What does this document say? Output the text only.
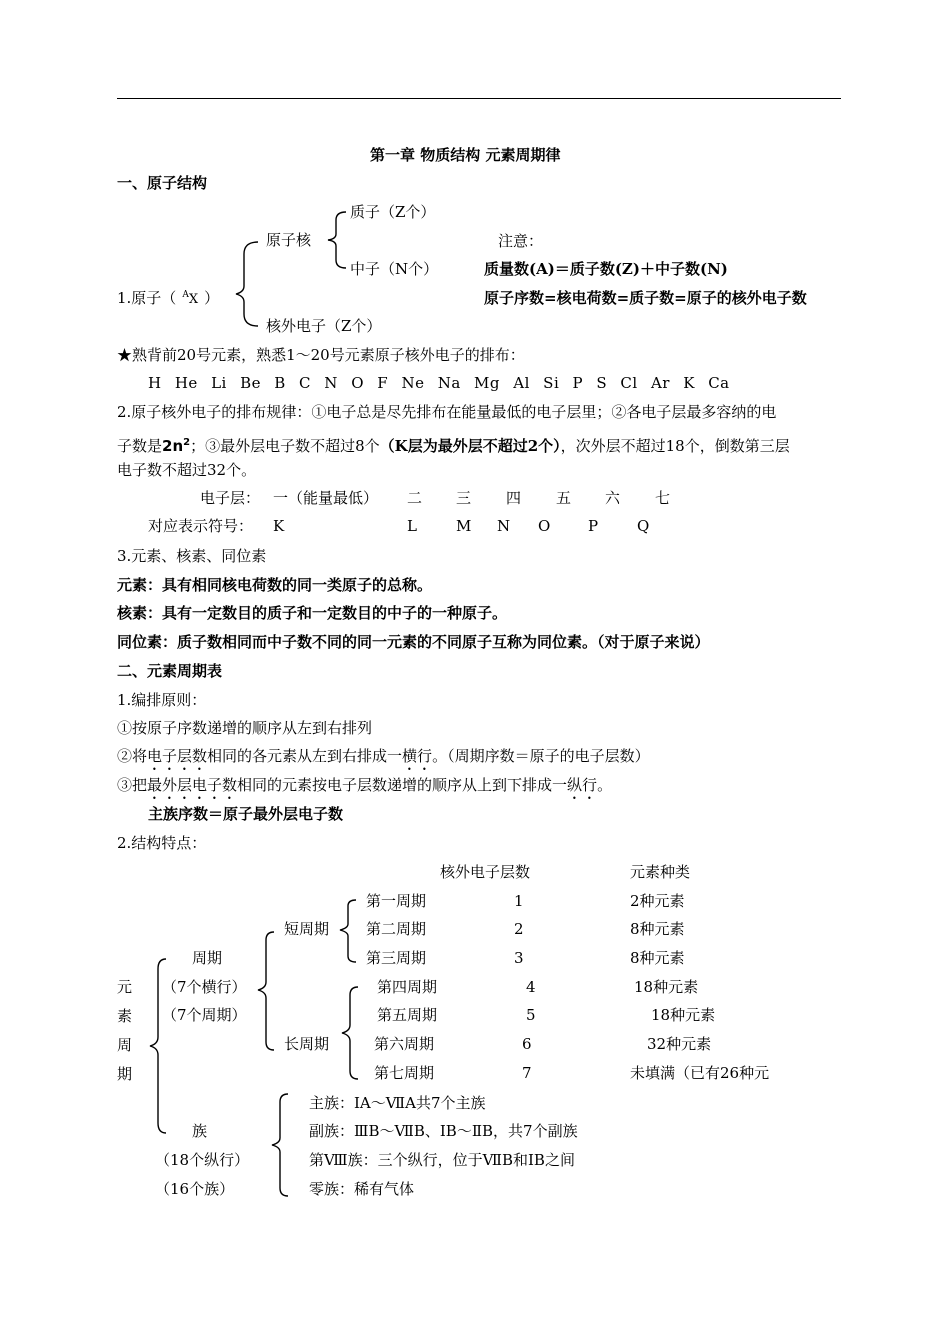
第一章 物质结构 元素周期律
一、原子结构
1.原子（ $^A$X ）
原子核
核外电子（Z个）
质子（Z个）
中子（N个）
注意：
质量数(A)＝质子数(Z)＋中子数(N)
原子序数=核电荷数=质子数=原子的核外电子数
★熟背前20号元素，熟悉1～20号元素原子核外电子的排布：
H He Li Be B C N O F Ne Na Mg Al Si P S Cl Ar K Ca
2.原子核外电子的排布规律：①电子总是尽先排布在能量最低的电子层里；②各电子层最多容纳的电
子数是$2n^2$；③最外层电子数不超过8个（K层为最外层不超过2个），次外层不超过18个，倒数第三层
电子数不超过32个。
电子层： 一（能量最低） 二 三 四 五 六 七
对应表示符号： K	L	M N O	P	Q
3.元素、核素、同位素
元素：具有相同核电荷数的同一类原子的总称。
核素：具有一定数目的质子和一定数目的中子的一种原子。
同位素：质子数相同而中子数不同的同一元素的不同原子互称为同位素。（对于原子来说）
二、元素周期表
1.编排原则：
①按原子序数递增的顺序从左到右排列
②将电子层数相同的各元素从左到右排成一横行。（周期序数＝原子的电子层数）
③把最外层电子数相同的元素按电子层数递增的顺序从上到下排成一纵行。
主族序数＝原子最外层电子数
2.结构特点：
核外电子层数	元素种类
元
素
周
期
周期
（7个横行）
（7个周期）
短周期
长周期
第一周期	1	2种元素
第二周期	2	8种元素
第三周期	3	8种元素
第四周期	4	18种元素
第五周期	5	18种元素
第六周期	6	32种元素
第七周期	7	未填满（已有26种元
族
（18个纵行）
（16个族）
主族：ⅠA～ⅦA共7个主族
副族：ⅢB～ⅦB、ⅠB～ⅡB，共7个副族
第Ⅷ族：三个纵行，位于ⅦB和ⅠB之间
零族：稀有气体
